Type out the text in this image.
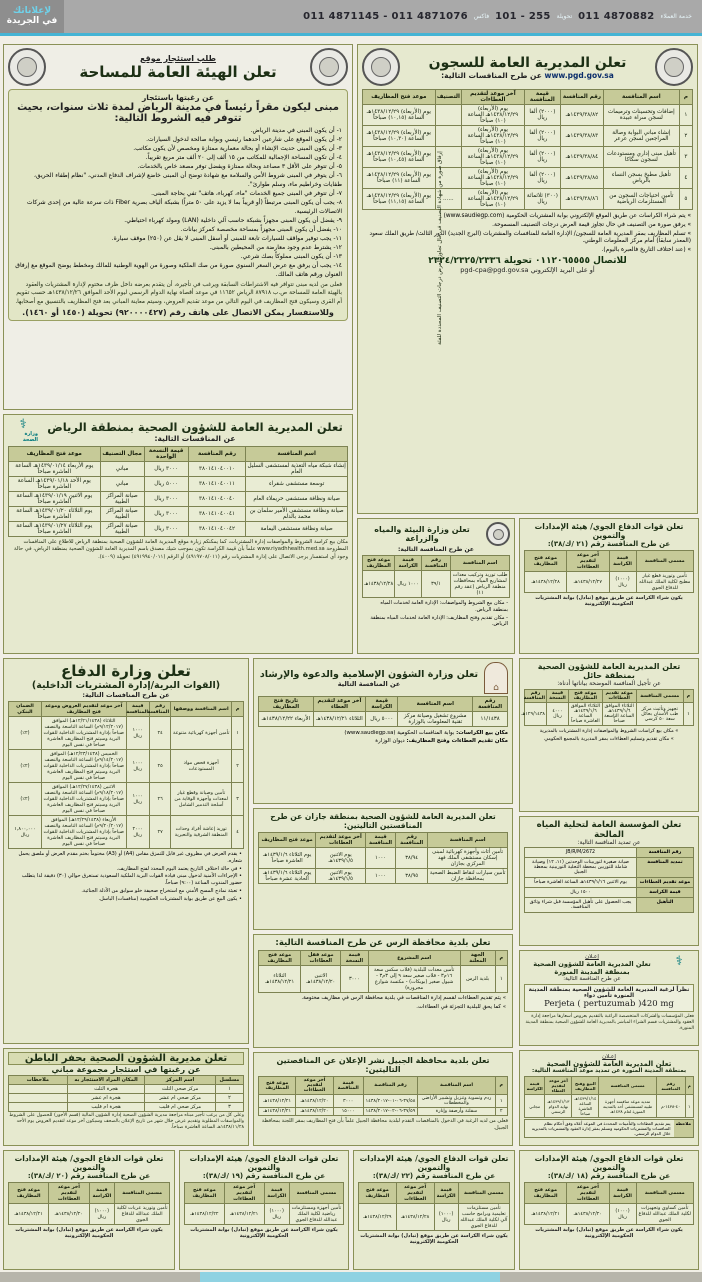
خدمة العملاء
011 4870882
تحويلة
101 - 255
فاكس
011 4871145 - 011 4871076
لإعلاناتك
في الجريدة
طلب استئجار موقع
تعلن الهيئة العامة للمساحة
عن رغبتها باستئجار
مبنى ليكون مقراً رئيساً في مدينة الرياض لمدة ثلاث سنوات، بحيث تتوفر فيه الشروط التالية:
١- أن يكون المبنى في مدينة الرياض.
٢- أن يكون الموقع على شارعين أحدهما رئيسي وبوابة صالحة لدخول السيارات.
٣- أن يكون المبنى حديث الإنشاء أو بحالة معمارية ممتازة ومخصص لأن يكون مكاتب.
٤- أن تكون المساحة الإجمالية للمكاتب من ١٥ ألف إلى ٢٠ ألف متر مربع تقريباً.
٥- أن تتوفر على الأقل ٣ مصاعد وبحالة ممتازة ويفضل توفر مصعد خاص بالخدمات.
٦- أن يتوفر في المبنى شروط الأمن والسلامة مع شهادة توضح أن المبنى خاضع لإشراف الدفاع المدني، "نظام إطفاء الحريق، طفايات وخراطيم ماء، وسلم طوارئ".
٧- أن تتوفر في المبنى جميع الخدمات "ماء، كهرباء، هاتف" تفي بحاجة المبنى.
٨- يجب أن يكون المبنى مرتبطاً (أو قريباً بما لا يزيد على ٥٠ متراً) بشبكة ألياف بصرية Fiber ذات سرعة عالية من إحدى شركات الاتصالات الرئيسية.
٩- يفضل أن يكون المبنى مجهزاً بشبكة حاسب آلي داخلية (LAN) ومولد كهرباء احتياطي.
١٠- يفضل أن يكون المبنى مجهزاً بمساحة مخصصة كمركز بيانات.
١١- يجب توفير مواقف للسيارات تابعة للمبنى أو أسفل المبنى لا يقل عن (٢٥٠) موقف سيارة.
١٢- يشترط عدم وجود معارضة من المحيطين بالمبنى.
١٣- أن يكون المبنى مملوكاً بصك شرعي.
١٤- يجب أن يرفق مع عرض السعر السنوي صورة من صك الملكية وصورة من الهوية الوطنية للمالك ومخطط يوضح الموقع مع إرفاق العنوان ورقم هاتف المالك.
فعلى من لديه مبنى تتوافر فيه الاشتراطات السابقة ويرغب في تأجيره، أن يتقدم بعرضه داخل ظرف مختوم لإدارة المشتريات والعقود بالهيئة العامة للمساحة ص.ب ٨٧٩١٨ الرياض ١١٦٥٢ في موعد أقصاه نهاية الدوام الرسمي ليوم الأحد الموافق ١٤٣٨/١٢/٢٦هـ حسب تقويم أم القرى وسيكون فتح المظاريف في اليوم التالي من موعد تقديم العروض، وسيتم معاينة المباني بعد فتح المظاريف بالتنسيق مع أصحابها.
وللاستفسار يمكن الاتصال على هاتف رقم (٩٢٠٠٠٠٤٢٧) تحويلة (١٤٥٠ أو ١٤٦٠).
تعلن المديرية العامة للسجون
www.pgd.gov.sa عن طرح المنافسات التالية:
م	اسم المنافسة	رقم المنافسة	قيمة المنافسة	آخر موعد لتقديم العطاءات	التصنيف	موعد فتح المظاريف
١	إضافات وتحسينات وترميمات لسجن سراة عبيدة	١٤٣٩/٣٨/٨٢هـ	(٢٠٠٠) ألفا ريال	يوم (الأربعاء) ١٤٣٨/١٢/٢٩هـ الساعة (١٠) صباحاً		يوم (الأربعاء) ١٤٣٨/١٢/٢٩هـ الساعة (١٠,١٥) صباحاً
٢	إنشاء مباني البوابة وصالة المراجعين لسجن عرعر	١٤٣٩/٣٨/٨٣هـ	(٢٠٠٠) ألفا ريال	يوم (الأربعاء) ١٤٣٨/١٢/٢٩هـ الساعة (١٠) صباحاً		يوم (الأربعاء) ١٤٣٨/١٢/٢٩هـ الساعة (١٠,٣٠) صباحاً
٣	تأهيل مبنى إداري ومستودعات لسجون سكاكا	١٤٣٩/٣٨/٨٤هـ	(٢٠٠٠) ألفا ريال	يوم (الأربعاء) ١٤٣٨/١٢/٢٩هـ الساعة (١٠) صباحاً		يوم (الأربعاء) ١٤٣٨/١٢/٢٩هـ الساعة (١٠,٤٥) صباحاً
٤	تأهيل مطبخ بسجن النساء بالرياض	١٤٣٩/٣٨/٨٥هـ	(٢٠٠٠) ألفا ريال	يوم (الأربعاء) ١٤٣٨/١٢/٢٩هـ الساعة (١٠) صباحاً		يوم (الأربعاء) ١٤٣٨/١٢/٢٩هـ الساعة (١١) صباحاً
٥	تأمين احتياجات السجون من المستلزمات الرياضية	١٤٣٩/٣٨/٨٦هـ	(٣٠٠) ثلاثمائة ريال	يوم (الأربعاء) ١٤٣٨/١٢/٢٩هـ الساعة (١٠) صباحاً	......	يوم (الأربعاء) ١٤٣٨/١٢/٢٩هـ الساعة (١١,١٥) صباحاً إرفاق صورة من شهادة التصنيف في حال تجاوز العرض درجات التصنيف المحددة للفئة » يتم شراء الكراسات عن طريق الموقع الإلكتروني بوابة المشتريات الحكومية (www.saudiegp.com)
» يرفق صورة من التصنيف في حال تجاوز قيمة العرض درجات التصنيف المسموحة.
» تسلم المظاريف بمقر المديرية العامة للسجون/ الإدارة العامة للمنافسات والمشتريات (البرج الجديد) الدور الثالث/ طريق الملك سعود (المعذر سابقاً) أمام مركز المعلومات الوطني.
» (عند اختلاف التاريخ فالعبرة باليوم).
للاتصال ٠١١٢٠٦٥٥٥٥ تحويلة ٢٣٢٤/٢٣٢٥/٢٣٣٦
أو على البريد الإلكتروني pgd-cpa@pgd.gov.sa
تعلن المديرية العامة للشؤون الصحية بمنطقة الرياض
عن المنافسات التالية:
⚕
وزارة الصحة
اسم المنافسة	رقم المنافسة	قيمة النسخة الواحدة	مجال التصنيف	موعد فتح المظاريف
إنشاء شبكة مياه التغذية لمستشفى السليل العام	٣٨٠١٤١٠٤٠٠١٠	٣٠٠٠ ريال	مباني	يوم الأربعاء ١٤٣٩/٠١/١٤هـ الساعة العاشرة صباحاً
توسعة مستشفى شقراء	٣٨٠١٤١٠٤٠٠١١	٥٠٠٠ ريال	مباني	يوم الأحد ١٤٣٩/٠١/١٨هـ الساعة العاشرة صباحاً
صيانة ونظافة مستشفى حريملاء العام	٣٨٠١٤١٠٤٠٠٤٠	٣٠٠٠ ريال	صيانة المراكز الطبية	يوم الاثنين ١٤٣٩/٠١/١٩هـ الساعة العاشرة صباحاً
صيانة ونظافة مستشفى الأمير سلمان بن محمد بالدلم	٣٨٠١٤١٠٤٠٠٤١	٣٠٠٠ ريال	صيانة المراكز الطبية	يوم الثلاثاء ١٤٣٩/٠١/٢٠هـ الساعة العاشرة صباحاً
صيانة ونظافة مستشفى اليمامة	٣٨٠١٤١٠٤٠٠٤٢	٣٠٠٠ ريال	صيانة المراكز الطبية	يوم الثلاثاء ١٤٣٩/٠١/٢٧هـ الساعة العاشرة صباحاً
مكان بيع كراسة الشروط والمواصفات إدارة المشتريات، كما يمكنكم زيارة موقع المديرية العامة للشؤون الصحية بمنطقة الرياض للاطلاع على المنافسات المطروحة www.riyadhhealth.med.sa علماً بأن قيمة الكراسة تكون بموجب شيك مصدق باسم المديرية العامة للشؤون الصحية بمنطقة الرياض، في حالة وجود أي استفسار يرجى الاتصال على إدارة المشتريات رقم (٤٩١٩٧٠٨/٠١١) أو الرقم (٤٩١٩٩٤٠/٠١١) تحويلة (٤٠٠٩).
تعلن وزارة البيئة والمياه والزراعة
عن طرح المنافسة التالية:
اسم المنافسة	رقم المنافسة	قيمة الكراسة	موعد فتح المظاريف
طلب توريد وتركيب معدات لمشاريع المياه بمحافظات منطقة الرياض (عقد رقم ١١)	٣٩/١	١٠٠٠ ريال	١٤٣٨/١٢/٢٨هـ
- مكان بيع الشروط والمواصفات: الإدارة العامة لخدمات المياه بمنطقة الرياض.
- مكان تقديم وفتح المظاريف: الإدارة العامة لخدمات المياه بمنطقة الرياض.
تعلن قوات الدفاع الجوي/ هيئة الإمدادات والتموين
عن طرح المنافسة رقم (٢١ /ك/٣٨):
مسمى المنافسة	قيمة الكراسة	آخر موعد لتقديم العطاءات	موعد فتح المظاريف
تأمين وتوريد قطع غيار مطبخ لكلية الملك عبدالله للدفاع الجوي	(١٠٠٠) ريال	١٤٣٨/١٢/٢٧هـ	١٤٣٨/١٢/٢٨هـ
يكون شراء الكراسة عن طريق موقع (تبادل) بوابة المشتريات الحكومية الإلكترونية
تعلن وزارة الدفاع
(القوات البرية/إدارة المشتريات الداخلية)
عن طرح المنافسات التالية:
م	اسم المنافسة ووصفها	رقم المنافسة	قيمة المنافسة	آخر موعد لتقديم العروض وموعد فتح المظاريف	الضمان البنكي
١	تأمين أجهزة كهربائية متنوعة	٢٤	١٠٠٠ ريال	الثلاثاء (١٢/٢١/١٤٣٨هـ) الموافق (٩/١٢/٢٠١٧م) الساعة التاسعة والنصف صباحاً بإدارة المشتريات الداخلية للقوات البرية وسيتم فتح المظاريف العاشرة صباحاً في نفس اليوم	(٢٪)
٢	أجهزة فحص مواد المستودعات	٢٥	١٠٠٠ ريال	الخميس (١٢/٢٣/١٤٣٨هـ) الموافق (٩/١٤/٢٠١٧م) الساعة التاسعة والنصف صباحاً بإدارة المشتريات الداخلية للقوات البرية وسيتم فتح المظاريف العاشرة صباحاً في نفس اليوم	(٢٪)
٣	تأمين وصيانة وقطع غيار لمعدات وأجهزة الوقاية من أسلحة التدمير الشامل	٢٦	١٠٠٠ ريال	الاثنين (١٢/٢٧/١٤٣٨هـ) الموافق (٩/١٨/٢٠١٧م) الساعة التاسعة والنصف صباحاً بإدارة المشتريات الداخلية للقوات البرية وسيتم فتح المظاريف العاشرة صباحاً في نفس اليوم	(٢٪)
٤	توريد إعاشة أفراد وحدات المنطقة الشرقية والنعيرية	٢٧	٢٠٠٠ ريال	الأربعاء (١٢/٢٩/١٤٣٨هـ) الموافق (٩/٢٠/٢٠١٧م) الساعة التاسعة والنصف صباحاً بإدارة المشتريات الداخلية للقوات البرية وسيتم فتح المظاريف العاشرة صباحاً في نفس اليوم	١,٨٠٠,٠٠٠ ريال
• يقدم العرض في مظروف غير قابل للتمزق مقاس (A4) أو (A3) مختوماً بختم مقدم العرض أو ملصق يحمل شعاره.
• في حالة اختلاف التاريخ يعتمد اليوم المحدد لفتح المظاريف.
• الإجراءات الأمنية لدخول مبنى قيادة القوات البرية الملكية السعودية تستغرق حوالي (٣٠) دقيقة لذا يتطلب حضور المندوب الساعة (٩:٠٠) صباحاً.
• تعبئة نماذج المسح الأمني مع استخراج صحيفة خلو سوابق من الأدلة الجنائية.
• يكون البيع عن طريق بوابة المشتريات الحكومية (منافسات) الباسل.
⌂
تعلن وزارة الشؤون الإسلامية والدعوة والإرشاد
عن المنافسة التالية
رقم المنافسة	اسم المنافسة	قيمة الكراسة	آخر موعد لتقديم العطاء	تاريخ فتح المظاريف
١١/١٤٣٨	مشروع تشغيل وصيانة مركز تقنية المعلومات بالوزارة	٥٠٠٠ ريال	الثلاثاء ١٤٣٨/١٢/٢١هـ	الأربعاء ١٤٣٨/١٢/٢٢هـ
مكان بيع الكراسات: بوابة المنافسات الحكومية (www.saudiegp.sa)
مكان تقديم العطاءات وفتح المظاريف: ديوان الوزارة
تعلن المديرية العامة للشؤون الصحية بمنطقة جازان عن طرح المنافستين التاليتين:
اسم المنافسة	رقم المنافسة	قيمة المنافسة	آخر موعد لتقديم العطاءات	موعد فتح المظاريف
تأمين أثاث وأجهزة كهربائية لمبنى إسكان مستشفى الملك فهد المركزي بجازان	٣٨/٩٤	١٠٠٠	يوم الاثنين ١٤٣٩/١/٥هـ	يوم الثلاثاء ١٤٣٩/١/٦هـ العاشرة صباحاً
تأمين سيارات لنقاط الضبط الصحية بمحافظة جازان	٣٨/٩٥	١٠٠٠	يوم الاثنين ١٤٣٩/١/٥هـ	يوم الثلاثاء ١٤٣٩/١/٦هـ الحادية عشرة صباحاً
تعلن بلدية محافظة الرس عن طرح المنافسة التالية:
م	الجهة المعلنة	اسم المشروع	قيمة النسخة	موعد قفل العطاءات	موعد فتح المظاريف
١	بلدية الرس	تأمين معدات للبلدية (قلاب سكس سعة ١٦م٣ - قلاب صغير سعة ٩ إلى ٣م٣ - شيول صغير (بوبكات) - مكنسة شوارع مجرورة)	٣٠٠٠	الاثنين ١٤٣٨/١٢/٢٠هـ	الثلاثاء ١٤٣٨/١٢/٢١هـ
» يتم تقديم العطاءات لقسم إدارة المناقصات في بلدية محافظة الرس في مظاريف مختومة.
» كما يحق للبلدية التجزئة في العطاءات.
تعلن بلدية محافظة الجبيل نشر الإعلان عن المناقصتين التاليتين:
م	اسم المناقصة	رقم المناقصة	قيمة المناقصة	آخر موعد لتقديم العطاءات	موعد فتح المظاريف
١	ردم وتسوية وتنزيل وتشبير الأراضي والمخططات	٣٧/٥٨-٠٦-٠١-١٤٣٨/٢٠١٧	٣٠٠٠	١٤٣٨/١٢/٢٠هـ	١٤٣٨/١٢/٢١هـ
٢	سفلتة وأرصفة وإنارة	٣٧/٥٩-٠٦-٠٢-١٤٣٨/٢٠١٧	١٥٠٠٠	١٤٣٨/١٢/٢٠هـ	١٤٣٨/١٢/٢١هـ
فعلى من لديه الرغبة في الدخول بالمناقصات التقدم لبلدية محافظة الجبيل علماً بأن فتح المظاريف بمقر اللجنة بمحافظة الجبيل.
تعلن المديرية العامة للشؤون الصحية بمنطقة حائل
عن تأجيل المنافسة الموضحة بياناتها أدناه:
م	مسمى المنافسة	موعد تقديم العطاءات	موعد فتح المظاريف	قيمة النسخة	رقم المنافسة
١	تجهيز وتأثيث مركز طب الأسنان بحائل سعة ٥٠ كرسي	الثلاثاء الموافق ١٤٣٩/١/٦هـ الساعة التاسعة صباحاً	الثلاثاء الموافق ١٤٣٩/١/٦هـ الساعة العاشرة صباحاً	٤٠٠٠ ريال	١٢٩/١٤٣٨هـ
» مكان بيع كراسات الشروط والمواصفات إدارة المشتريات بالمديرية
» مكان تقديم وتسليم العطاءات بمقر المديرية بالمجمع الحكومي
تعلن المؤسسة العامة لتحلية المياه المالحة
عن تمديد المنافسة التالية:
رقم المنافسة
JB/R/M/2672
تمديد المنافسة
صيانة صغيرة لتوربينات الوحدتين (١١، ١٢) وصيانة شاملة للتوربين بمحطة التحلية التوربينية بمحطة الجبيل
موعد تقديم العطاءات
يوم الاثنين ١٤٣٩/١/١٦هـ الساعة العاشرة صباحاً
قيمة الكراسة
١٥٠٠ ريال
التأهيل
يجب الحصول على تأهيل المؤسسة قبل شراء وثائق المنافسة.
⚕
إعـلان
تعلن المديرية العامة للشؤون الصحية بمنطقة المدينة المنورة
عن طرح المنافسة التالية:
نظراً لرغبة المديرية العامة للشؤون الصحية بمنطقة المدينة المنورة تأمين دواء
Perjeta ( pertuzumab )420 mg
فعلى المؤسسات والشركات المتخصصة الراغبة بالتقديم بعروض أسعارها مراجعة إدارة العقود والمشتريات قسم الشراء المباشر بالمديرية العامة للشؤون الصحية بمنطقة المدينة المنورة.
إعـلان
تعلن المديرية العامة للشؤون الصحية
بمنطقة المدينة المنورة عن تمديد موعد المنافسة التالية:
م	رقم المنافسة	مسمى المنافسة	البيع وفتح المظاريف	آخر موعد لتقديم العطاء	قيمة الكراسة
١	٤٠-١٤٣٨-م	تمديد موعد منافسة أجهزة طبية لمستشفى أحد بالمدينة المنورة لعام ١٤٣٨هـ	١٤٣٩/١/١٤هـ الساعة العاشرة صباحاً	١٤٣٩/١/١٣هـ نهاية الدوام الرسمي	مجاني
ملاحظة
يتم تقديم العطاءات والتأمينات المحددة في الموعد أعلاه وفق أحكام نظام المنافسات والمشتريات الحكومية وتسلم بمقر إدارة العقود والمشتريات بالمديرية خلال الدوام الرسمي.
تعلن مديرية الشؤون الصحية بحفر الباطن
عن رغبتها في استئجار مجموعة مباني
مسلسل	اسم المركز	المكان المراد الاستئجار به	ملاحظات
١	مركز صحي الثلث	هجرة الثلث	
٢	مركز صحي ام عشر	هجرة ام عشر	
٣	مركز صحي ام قليب	هجرة ام قليب	
وعلى كل من يرغب تأجير مبناه مراجعة مديرية الشؤون الصحية إدارة الشؤون المالية (قسم الأجور) للحصول على الشروط والمواصفات المطلوبة وتقديم عرض خلال شهر من تاريخ الإعلان بالصحف وسيكون آخر موعد لتقديم العروض يوم الأحد ١٤٣٨/١١/٢٨هـ الساعة العاشرة صباحاً.
تعلن قوات الدفاع الجوي/ هيئة الإمدادات والتموين
عن طرح المنافسة رقم (٢٠ /ك/٣٨):
مسمى المنافسة	قيمة الكراسة	آخر موعد لتقديم العطاءات	موعد فتح المظاريف
تأمين وتوريد عربات لكلية الملك عبدالله للدفاع الجوي	(١٠٠٠) ريال	١٤٣٨/١٢/٢٠هـ	١٤٣٨/١٢/٢١هـ
يكون شراء الكراسة عن طريق موقع (تبادل) بوابة المشتريات الحكومية الإلكترونية
تعلن قوات الدفاع الجوي/ هيئة الإمدادات والتموين
عن طرح المنافسة رقم (١٩ /ك/٣٨):
مسمى المنافسة	قيمة الكراسة	آخر موعد لتقديم العطاءات	موعد فتح المظاريف
تأمين أجهزة ومستلزمات رياضية لكلية الملك عبدالله للدفاع الجوي	(١٠٠٠) ريال	١٤٣٨/١٢/٢١هـ	١٤٣٨/١٢/٢٢هـ
يكون شراء الكراسة عن طريق موقع (تبادل) بوابة المشتريات الحكومية الإلكترونية
تعلن قوات الدفاع الجوي/ هيئة الإمدادات والتموين
عن طرح المنافسة رقم (٢٢ /ك/٣٨):
مسمى المنافسة	قيمة الكراسة	آخر موعد لتقديم العطاءات	موعد فتح المظاريف
تأمين مستلزمات تعليمية وبرامج حاسب آلي لكلية الملك عبدالله للدفاع الجوي	(١٠٠٠) ريال	١٤٣٨/١٢/٢٨هـ	١٤٣٨/١٢/٢٩هـ
يكون شراء الكراسة عن طريق موقع (تبادل) بوابة المشتريات الحكومية الإلكترونية
تعلن قوات الدفاع الجوي/ هيئة الإمدادات والتموين
عن طرح المنافسة رقم (١٨ /ك/٣٨):
مسمى المنافسة	قيمة الكراسة	آخر موعد لتقديم العطاءات	موعد فتح المظاريف
تأمين كساوي وتجهيزات لكلية الملك عبدالله للدفاع الجوي	(١٠٠٠) ريال	١٤٣٨/١٢/٢٠هـ	١٤٣٨/١٢/٢١هـ
يكون شراء الكراسة عن طريق موقع (تبادل) بوابة المشتريات الحكومية الإلكترونية
